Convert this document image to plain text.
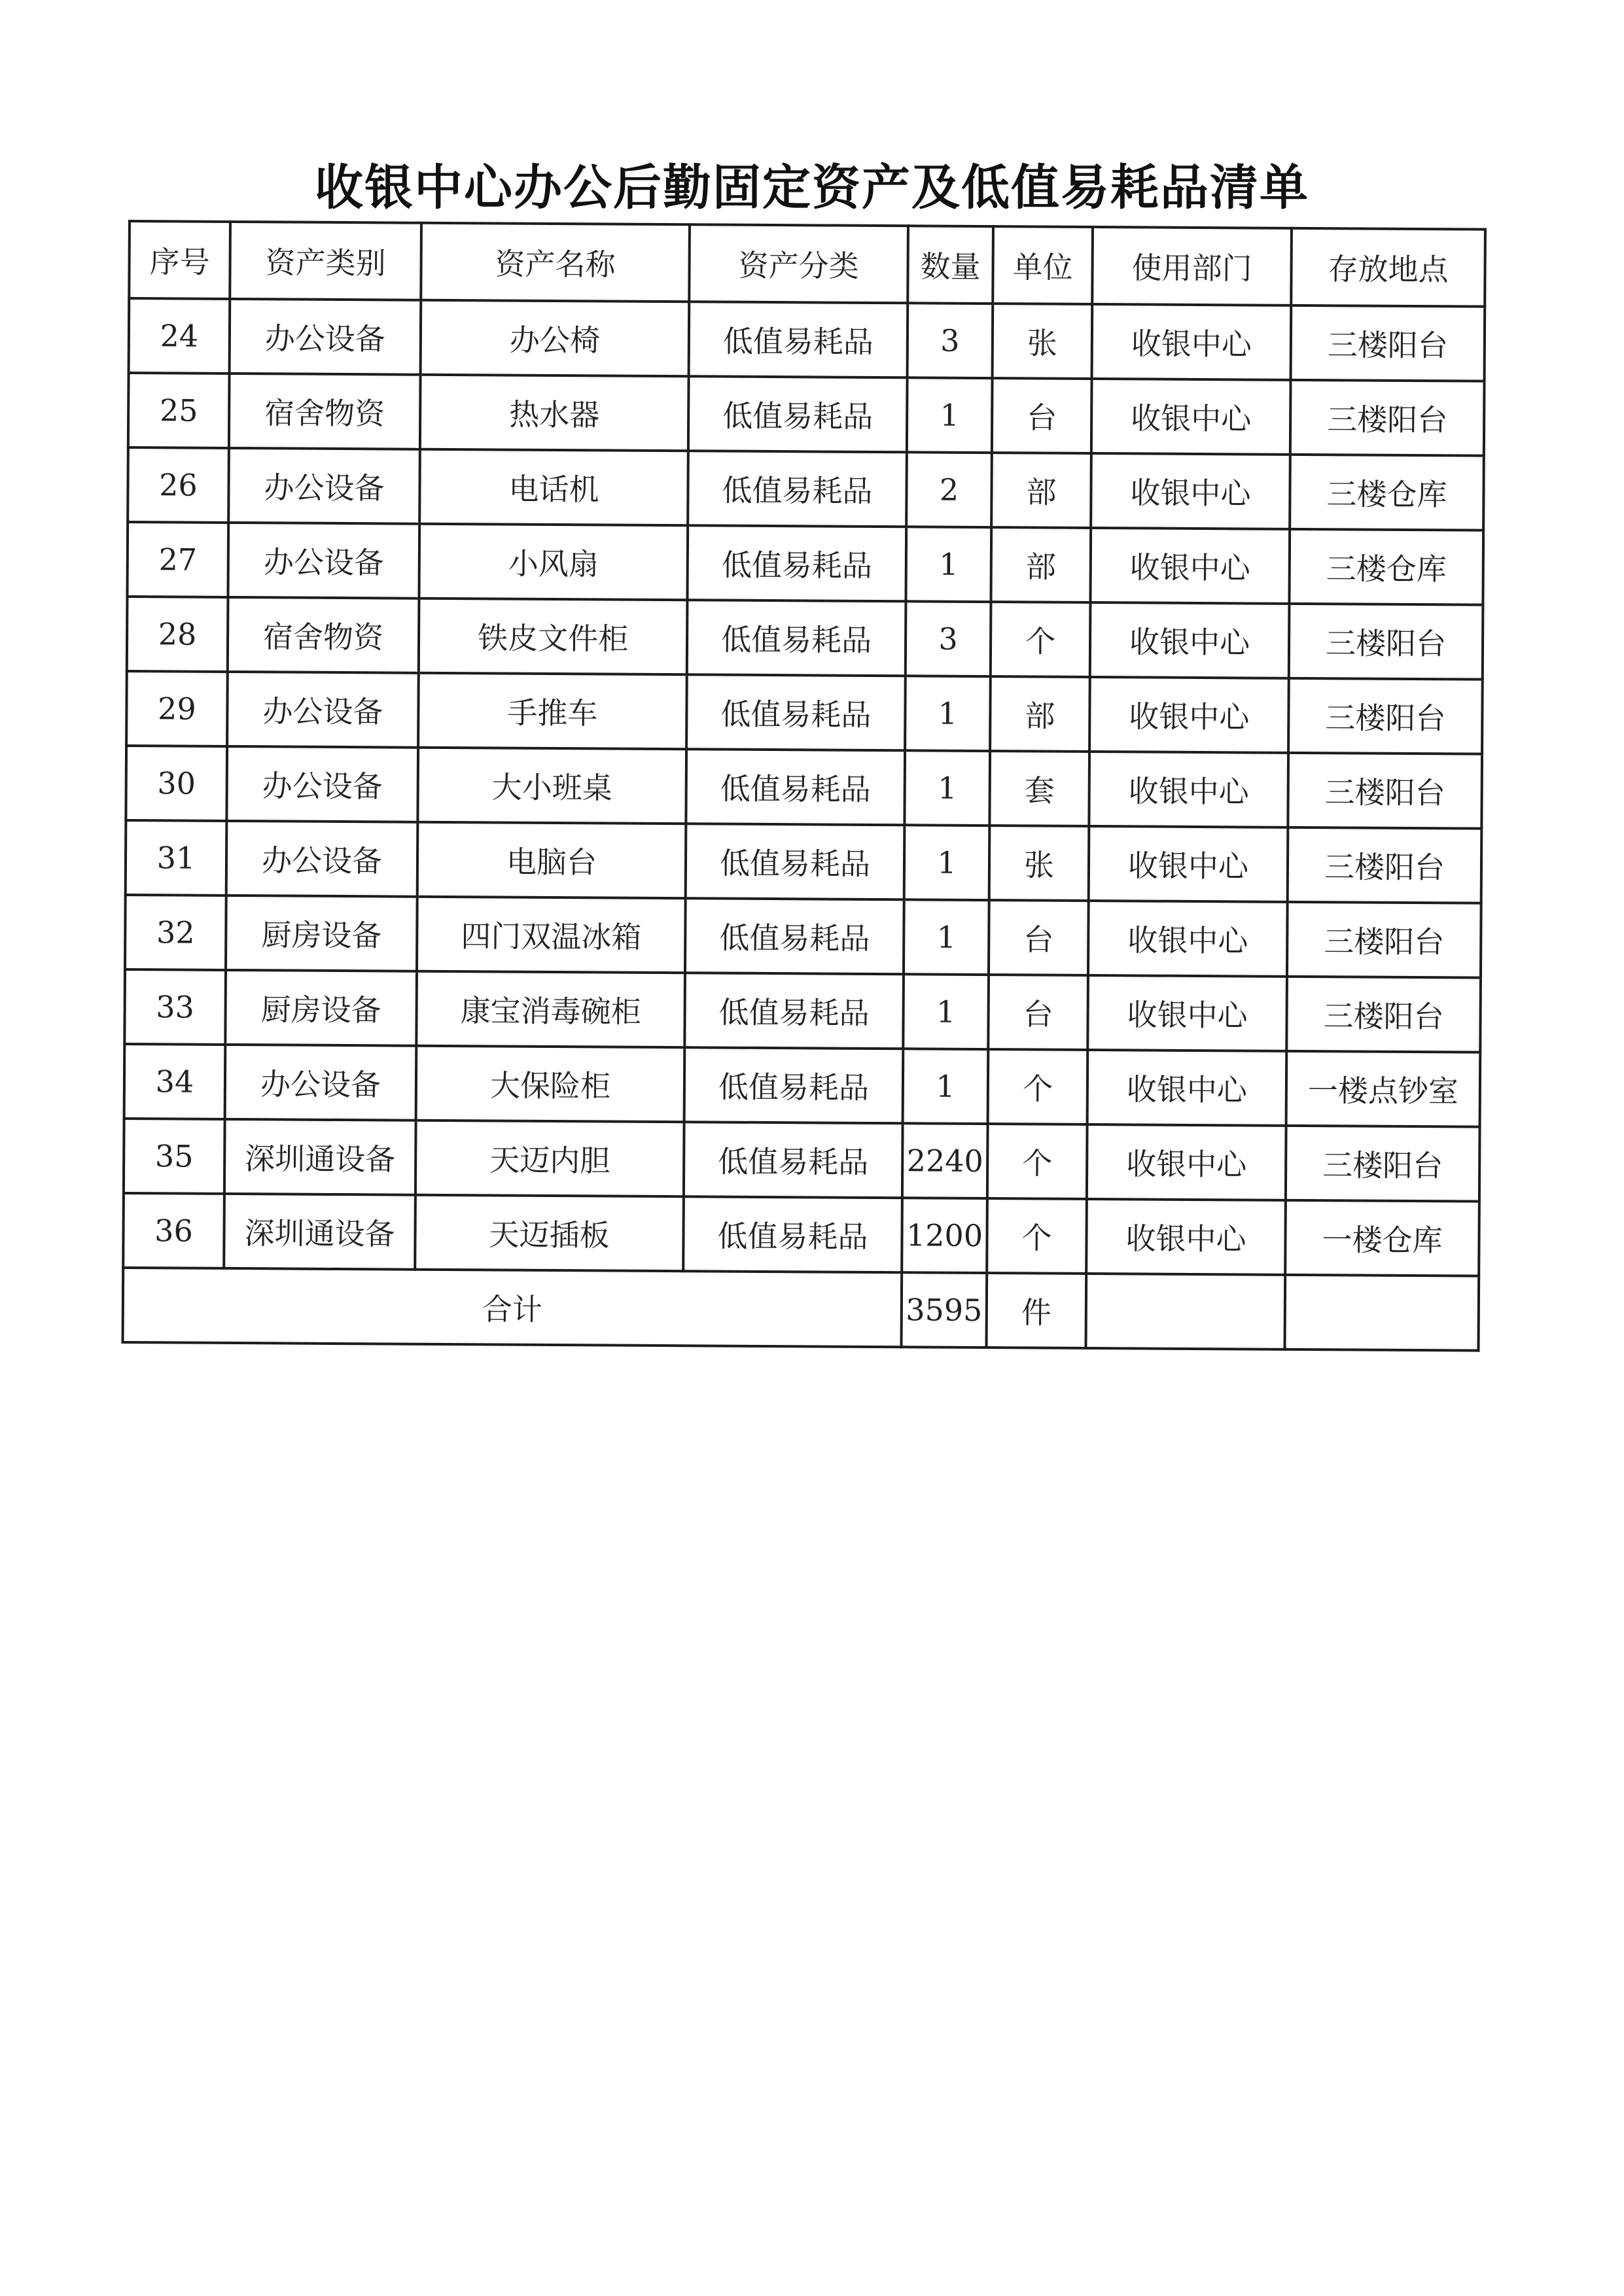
收银中心办公后勤固定资产及低值易耗品清单
序号	资产类别	资产名称	资产分类	数量	单位	使用部门	存放地点
24	办公设备	办公椅	低值易耗品	3	张	收银中心	三楼阳台
25	宿舍物资	热水器	低值易耗品	1	台	收银中心	三楼阳台
26	办公设备	电话机	低值易耗品	2	部	收银中心	三楼仓库
27	办公设备	小风扇	低值易耗品	1	部	收银中心	三楼仓库
28	宿舍物资	铁皮文件柜	低值易耗品	3	个	收银中心	三楼阳台
29	办公设备	手推车	低值易耗品	1	部	收银中心	三楼阳台
30	办公设备	大小班桌	低值易耗品	1	套	收银中心	三楼阳台
31	办公设备	电脑台	低值易耗品	1	张	收银中心	三楼阳台
32	厨房设备	四门双温冰箱	低值易耗品	1	台	收银中心	三楼阳台
33	厨房设备	康宝消毒碗柜	低值易耗品	1	台	收银中心	三楼阳台
34	办公设备	大保险柜	低值易耗品	1	个	收银中心	一楼点钞室
35	深圳通设备	天迈内胆	低值易耗品	2240	个	收银中心	三楼阳台
36	深圳通设备	天迈插板	低值易耗品	1200	个	收银中心	一楼仓库
合计				3595	件		
